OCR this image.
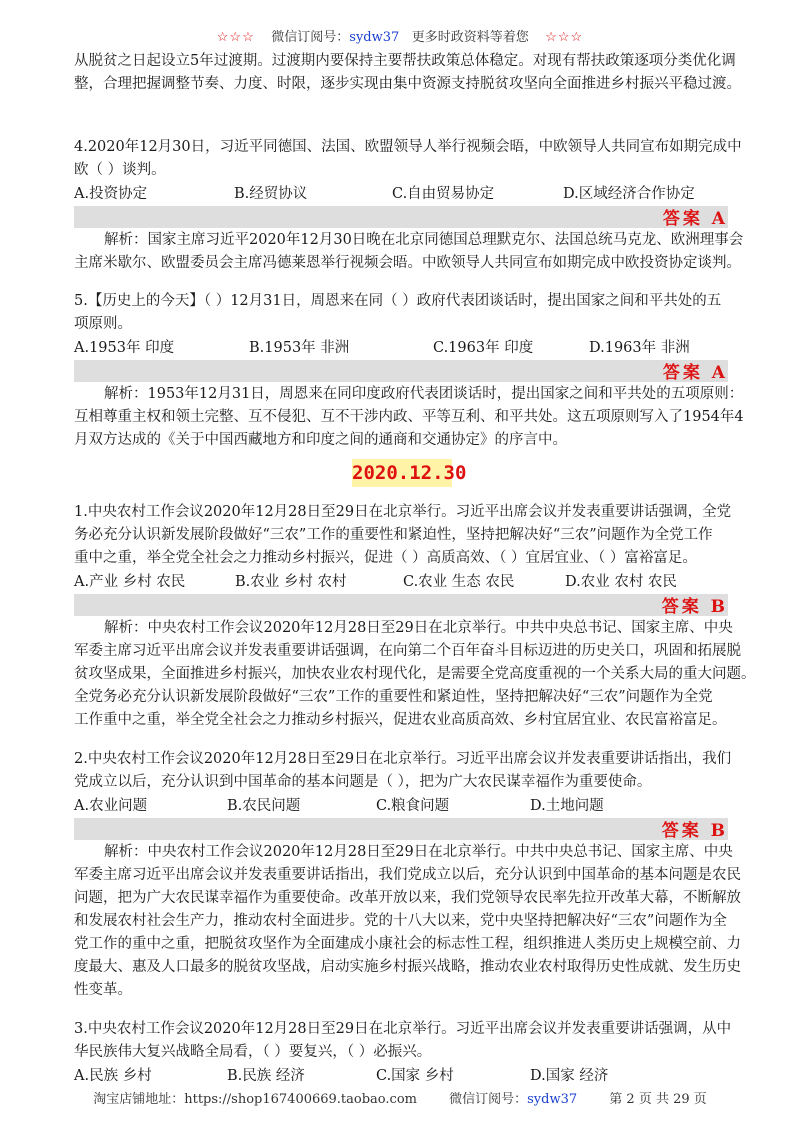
☆☆☆ 微信订阅号：sydw37 更多时政资料等着您 ☆☆☆
从脱贫之日起设立5年过渡期。过渡期内要保持主要帮扶政策总体稳定。对现有帮扶政策逐项分类优化调
整，合理把握调整节奏、力度、时限，逐步实现由集中资源支持脱贫攻坚向全面推进乡村振兴平稳过渡。
4.2020年12月30日，习近平同德国、法国、欧盟领导人举行视频会晤，中欧领导人共同宣布如期完成中
欧（ ）谈判。
A.投资协定	B.经贸协议	C.自由贸易协定	D.区域经济合作协定
答案 A
解析：国家主席习近平2020年12月30日晚在北京同德国总理默克尔、法国总统马克龙、欧洲理事会
主席米歇尔、欧盟委员会主席冯德莱恩举行视频会晤。中欧领导人共同宣布如期完成中欧投资协定谈判。
5.【历史上的今天】（ ）12月31日，周恩来在同（ ）政府代表团谈话时，提出国家之间和平共处的五
项原则。
A.1953年 印度	B.1953年 非洲	C.1963年 印度	D.1963年 非洲
答案 A
解析：1953年12月31日，周恩来在同印度政府代表团谈话时，提出国家之间和平共处的五项原则：
互相尊重主权和领土完整、互不侵犯、互不干涉内政、平等互利、和平共处。这五项原则写入了1954年4
月双方达成的《关于中国西藏地方和印度之间的通商和交通协定》的序言中。
2020.12.30
1.中央农村工作会议2020年12月28日至29日在北京举行。习近平出席会议并发表重要讲话强调，全党
务必充分认识新发展阶段做好“三农”工作的重要性和紧迫性，坚持把解决好“三农”问题作为全党工作
重中之重，举全党全社会之力推动乡村振兴，促进（ ）高质高效、（ ）宜居宜业、（ ）富裕富足。
A.产业 乡村 农民	B.农业 乡村 农村	C.农业 生态 农民	D.农业 农村 农民
答案 B
解析：中央农村工作会议2020年12月28日至29日在北京举行。中共中央总书记、国家主席、中央
军委主席习近平出席会议并发表重要讲话强调，在向第二个百年奋斗目标迈进的历史关口，巩固和拓展脱
贫攻坚成果，全面推进乡村振兴，加快农业农村现代化，是需要全党高度重视的一个关系大局的重大问题。
全党务必充分认识新发展阶段做好“三农”工作的重要性和紧迫性，坚持把解决好“三农”问题作为全党
工作重中之重，举全党全社会之力推动乡村振兴，促进农业高质高效、乡村宜居宜业、农民富裕富足。
2.中央农村工作会议2020年12月28日至29日在北京举行。习近平出席会议并发表重要讲话指出，我们
党成立以后，充分认识到中国革命的基本问题是（ ），把为广大农民谋幸福作为重要使命。
A.农业问题	B.农民问题	C.粮食问题	D.土地问题
答案 B
解析：中央农村工作会议2020年12月28日至29日在北京举行。中共中央总书记、国家主席、中央
军委主席习近平出席会议并发表重要讲话指出，我们党成立以后，充分认识到中国革命的基本问题是农民
问题，把为广大农民谋幸福作为重要使命。改革开放以来，我们党领导农民率先拉开改革大幕，不断解放
和发展农村社会生产力，推动农村全面进步。党的十八大以来，党中央坚持把解决好“三农”问题作为全
党工作的重中之重，把脱贫攻坚作为全面建成小康社会的标志性工程，组织推进人类历史上规模空前、力
度最大、惠及人口最多的脱贫攻坚战，启动实施乡村振兴战略，推动农业农村取得历史性成就、发生历史
性变革。
3.中央农村工作会议2020年12月28日至29日在北京举行。习近平出席会议并发表重要讲话强调，从中
华民族伟大复兴战略全局看，（ ）要复兴，（ ）必振兴。
A.民族 乡村	B.民族 经济	C.国家 乡村	D.国家 经济
淘宝店铺地址：https://shop167400669.taobao.com 微信订阅号：sydw37 第 2 页 共 29 页
